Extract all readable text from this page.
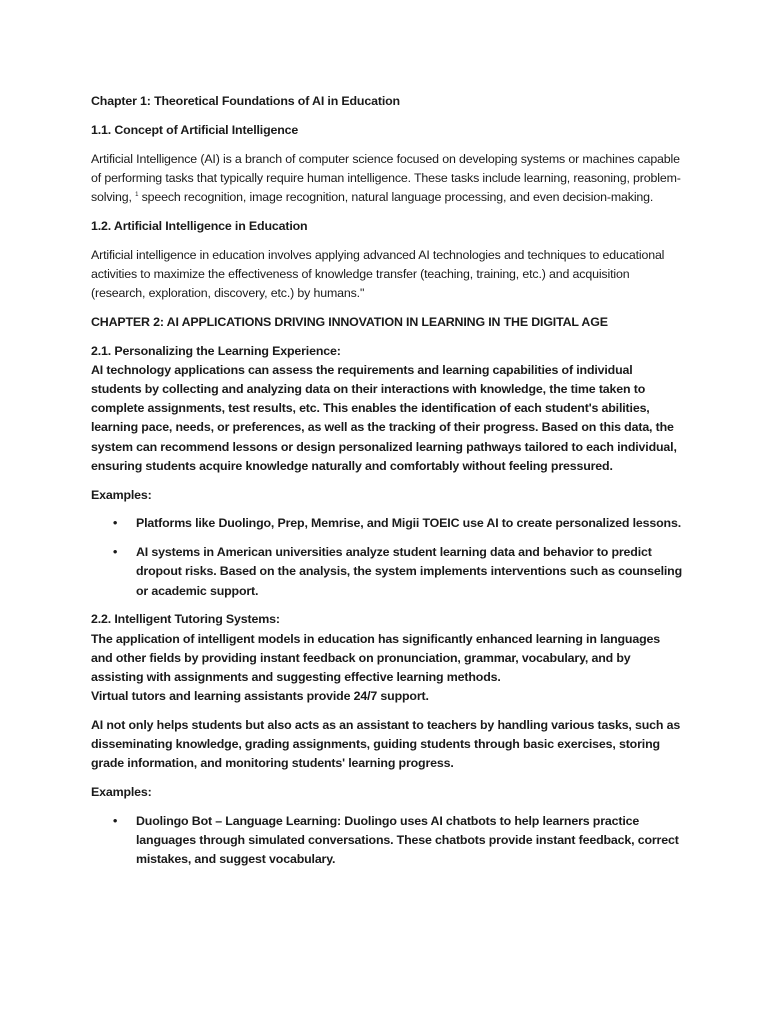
Chapter 1: Theoretical Foundations of AI in Education

1.1. Concept of Artificial Intelligence

Artificial Intelligence (AI) is a branch of computer science focused on developing systems or machines capable of performing tasks that typically require human intelligence. These tasks include learning, reasoning, problem-solving, $^1$ speech recognition, image recognition, natural language processing, and even decision-making.

1.2. Artificial Intelligence in Education

Artificial intelligence in education involves applying advanced AI technologies and techniques to educational activities to maximize the effectiveness of knowledge transfer (teaching, training, etc.) and acquisition (research, exploration, discovery, etc.) by humans."

CHAPTER 2: AI APPLICATIONS DRIVING INNOVATION IN LEARNING IN THE DIGITAL AGE

2.1. Personalizing the Learning Experience:
AI technology applications can assess the requirements and learning capabilities of individual students by collecting and analyzing data on their interactions with knowledge, the time taken to complete assignments, test results, etc. This enables the identification of each student's abilities, learning pace, needs, or preferences, as well as the tracking of their progress. Based on this data, the system can recommend lessons or design personalized learning pathways tailored to each individual, ensuring students acquire knowledge naturally and comfortably without feeling pressured.

Examples:

• Platforms like Duolingo, Prep, Memrise, and Migii TOEIC use AI to create personalized lessons.
• AI systems in American universities analyze student learning data and behavior to predict dropout risks. Based on the analysis, the system implements interventions such as counseling or academic support.

2.2. Intelligent Tutoring Systems:
The application of intelligent models in education has significantly enhanced learning in languages and other fields by providing instant feedback on pronunciation, grammar, vocabulary, and by assisting with assignments and suggesting effective learning methods.
Virtual tutors and learning assistants provide 24/7 support.

AI not only helps students but also acts as an assistant to teachers by handling various tasks, such as disseminating knowledge, grading assignments, guiding students through basic exercises, storing grade information, and monitoring students' learning progress.

Examples:

• Duolingo Bot – Language Learning: Duolingo uses AI chatbots to help learners practice languages through simulated conversations. These chatbots provide instant feedback, correct mistakes, and suggest vocabulary.
